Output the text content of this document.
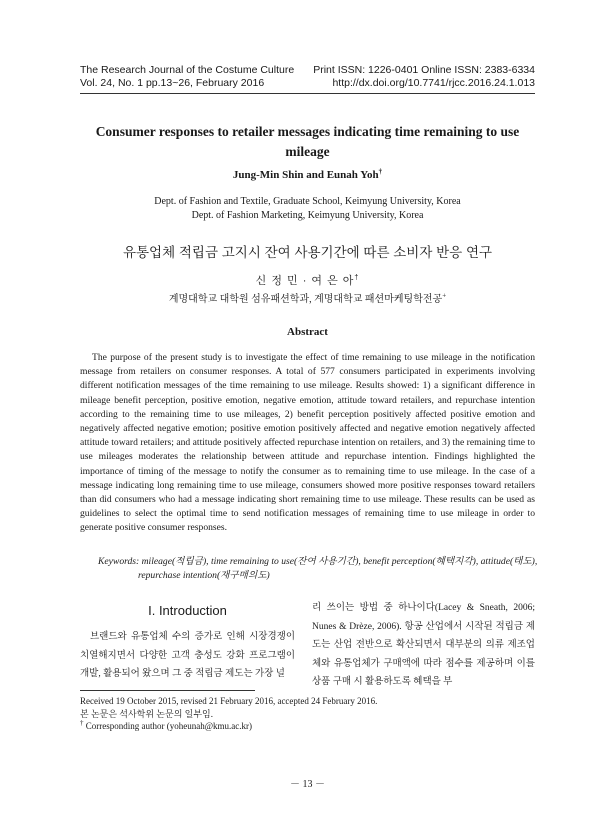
The Research Journal of the Costume Culture Print ISSN: 1226-0401 Online ISSN: 2383-6334
Vol. 24, No. 1 pp.13~26, February 2016	http://dx.doi.org/10.7741/rjcc.2016.24.1.013
Consumer responses to retailer messages indicating time remaining to use mileage
Jung-Min Shin and Eunah Yoh†
Dept. of Fashion and Textile, Graduate School, Keimyung University, Korea
Dept. of Fashion Marketing, Keimyung University, Korea
유통업체 적립금 고지시 잔여 사용기간에 따른 소비자 반응 연구
신 정 민 · 여 은 아†
계명대학교 대학원 섬유패션학과, 계명대학교 패션마케팅학전공+
Abstract

The purpose of the present study is to investigate the effect of time remaining to use mileage in the notification message from retailers on consumer responses. A total of 577 consumers participated in experiments involving different notification messages of the time remaining to use mileage. Results showed: 1) a significant difference in mileage benefit perception, positive emotion, negative emotion, attitude toward retailers, and repurchase intention according to the remaining time to use mileages, 2) benefit perception positively affected positive emotion and negatively affected negative emotion; positive emotion positively affected and negative emotion negatively affected attitude toward retailers; and attitude positively affected repurchase intention on retailers, and 3) the remaining time to use mileages moderates the relationship between attitude and repurchase intention. Findings highlighted the importance of timing of the message to notify the consumer as to remaining time to use mileage. In the case of a message indicating long remaining time to use mileage, consumers showed more positive responses toward retailers than did consumers who had a message indicating short remaining time to use mileage. These results can be used as guidelines to select the optimal time to send notification messages of remaining time to use mileage in order to generate positive consumer responses.

Keywords: mileage(적립금), time remaining to use(잔여 사용기간), benefit perception(혜택지각), attitude(태도),
repurchase intention(재구매의도)
I. Introduction

브랜드와 유통업체 수의 증가로 인해 시장경쟁이 치열해지면서 다양한 고객 충성도 강화 프로그램이 개발, 활용되어 왔으며 그 중 적립금 제도는 가장 널

리 쓰이는 방법 중 하나이다(Lacey & Sneath, 2006; Nunes & Drèze, 2006). 항공 산업에서 시작된 적립금 제도는 산업 전반으로 확산되면서 대부분의 의류 제조업체와 유통업체가 구매액에 따라 점수를 제공하며 이를 상품 구매 시 활용하도록 혜택을 부

Received 19 October 2015, revised 21 February 2016, accepted 24 February 2016.
본 논문은 석사학위 논문의 일부임.
† Corresponding author (yoheunah@kmu.ac.kr)
－ 13 －
